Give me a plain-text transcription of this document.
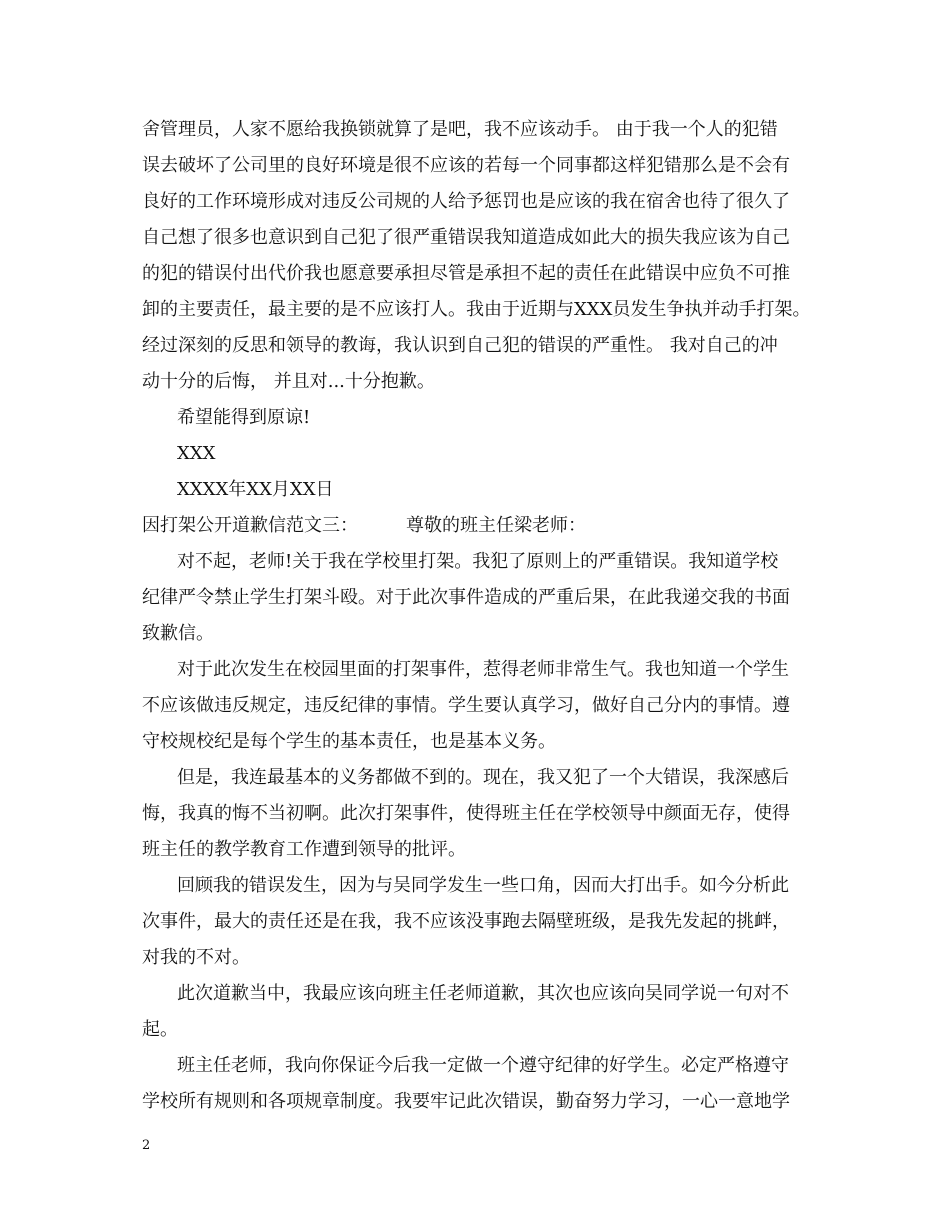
舍管理员，人家不愿给我换锁就算了是吧，我不应该动手。 由于我一个人的犯错
误去破坏了公司里的良好环境是很不应该的若每一个同事都这样犯错那么是不会有
良好的工作环境形成对违反公司规的人给予惩罚也是应该的我在宿舍也待了很久了
自己想了很多也意识到自己犯了很严重错误我知道造成如此大的损失我应该为自己
的犯的错误付出代价我也愿意要承担尽管是承担不起的责任在此错误中应负不可推
卸的主要责任，最主要的是不应该打人。我由于近期与XXX员发生争执并动手打架。
经过深刻的反思和领导的教诲，我认识到自己犯的错误的严重性。 我对自己的冲
动十分的后悔， 并且对...十分抱歉。
希望能得到原谅!
XXX
XXXX年XX月XX日
因打架公开道歉信范文三：	尊敬的班主任梁老师：
对不起，老师!关于我在学校里打架。我犯了原则上的严重错误。我知道学校
纪律严令禁止学生打架斗殴。对于此次事件造成的严重后果，在此我递交我的书面
致歉信。
对于此次发生在校园里面的打架事件，惹得老师非常生气。我也知道一个学生
不应该做违反规定，违反纪律的事情。学生要认真学习，做好自己分内的事情。遵
守校规校纪是每个学生的基本责任，也是基本义务。
但是，我连最基本的义务都做不到的。现在，我又犯了一个大错误，我深感后
悔，我真的悔不当初啊。此次打架事件，使得班主任在学校领导中颜面无存，使得
班主任的教学教育工作遭到领导的批评。
回顾我的错误发生，因为与吴同学发生一些口角，因而大打出手。如今分析此
次事件，最大的责任还是在我，我不应该没事跑去隔壁班级，是我先发起的挑衅，
对我的不对。
此次道歉当中，我最应该向班主任老师道歉，其次也应该向吴同学说一句对不
起。
班主任老师，我向你保证今后我一定做一个遵守纪律的好学生。必定严格遵守
学校所有规则和各项规章制度。我要牢记此次错误，勤奋努力学习，一心一意地学
2
